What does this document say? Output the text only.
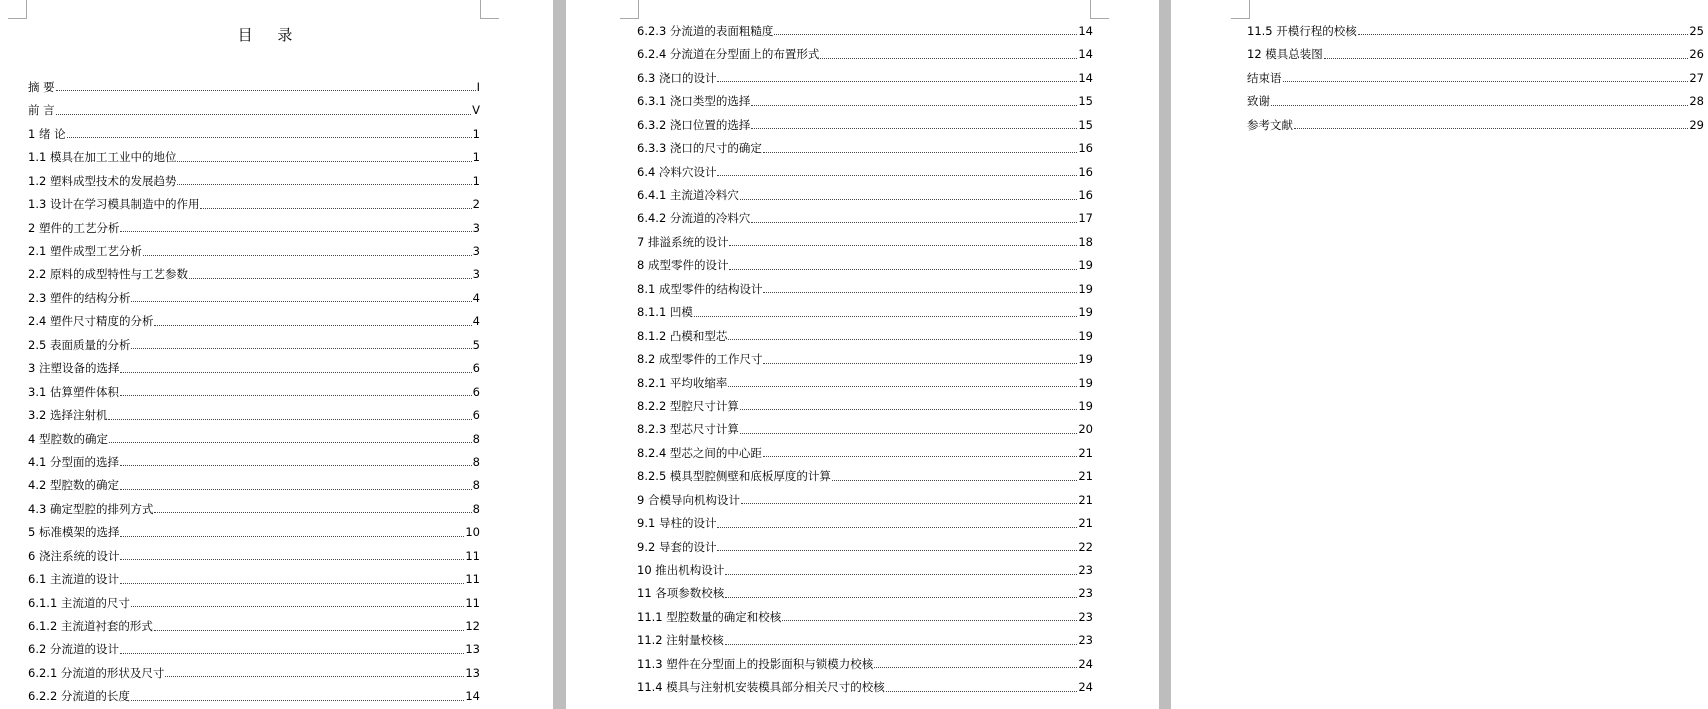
目 录
摘 要	I
前 言	V
1 绪 论	1
1.1 模具在加工工业中的地位	1
1.2 塑料成型技术的发展趋势	1
1.3 设计在学习模具制造中的作用	2
2 塑件的工艺分析	3
2.1 塑件成型工艺分析	3
2.2 原料的成型特性与工艺参数	3
2.3 塑件的结构分析	4
2.4 塑件尺寸精度的分析	4
2.5 表面质量的分析	5
3 注塑设备的选择	6
3.1 估算塑件体积	6
3.2 选择注射机	6
4 型腔数的确定	8
4.1 分型面的选择	8
4.2 型腔数的确定	8
4.3 确定型腔的排列方式	8
5 标准模架的选择	10
6 浇注系统的设计	11
6.1 主流道的设计	11
6.1.1 主流道的尺寸	11
6.1.2 主流道衬套的形式	12
6.2 分流道的设计	13
6.2.1 分流道的形状及尺寸	13
6.2.2 分流道的长度	14
6.2.3 分流道的表面粗糙度	14
6.2.4 分流道在分型面上的布置形式	14
6.3 浇口的设计	14
6.3.1 浇口类型的选择	15
6.3.2 浇口位置的选择	15
6.3.3 浇口的尺寸的确定	16
6.4 冷料穴设计	16
6.4.1 主流道冷料穴	16
6.4.2 分流道的冷料穴	17
7 排溢系统的设计	18
8 成型零件的设计	19
8.1 成型零件的结构设计	19
8.1.1 凹模	19
8.1.2 凸模和型芯	19
8.2 成型零件的工作尺寸	19
8.2.1 平均收缩率	19
8.2.2 型腔尺寸计算	19
8.2.3 型芯尺寸计算	20
8.2.4 型芯之间的中心距	21
8.2.5 模具型腔侧壁和底板厚度的计算	21
9 合模导向机构设计	21
9.1 导柱的设计	21
9.2 导套的设计	22
10 推出机构设计	23
11 各项参数校核	23
11.1 型腔数量的确定和校核	23
11.2 注射量校核	23
11.3 塑件在分型面上的投影面积与锁模力校核	24
11.4 模具与注射机安装模具部分相关尺寸的校核	24
11.5 开模行程的校核	25
12 模具总装图	26
结束语	27
致谢	28
参考文献	29
